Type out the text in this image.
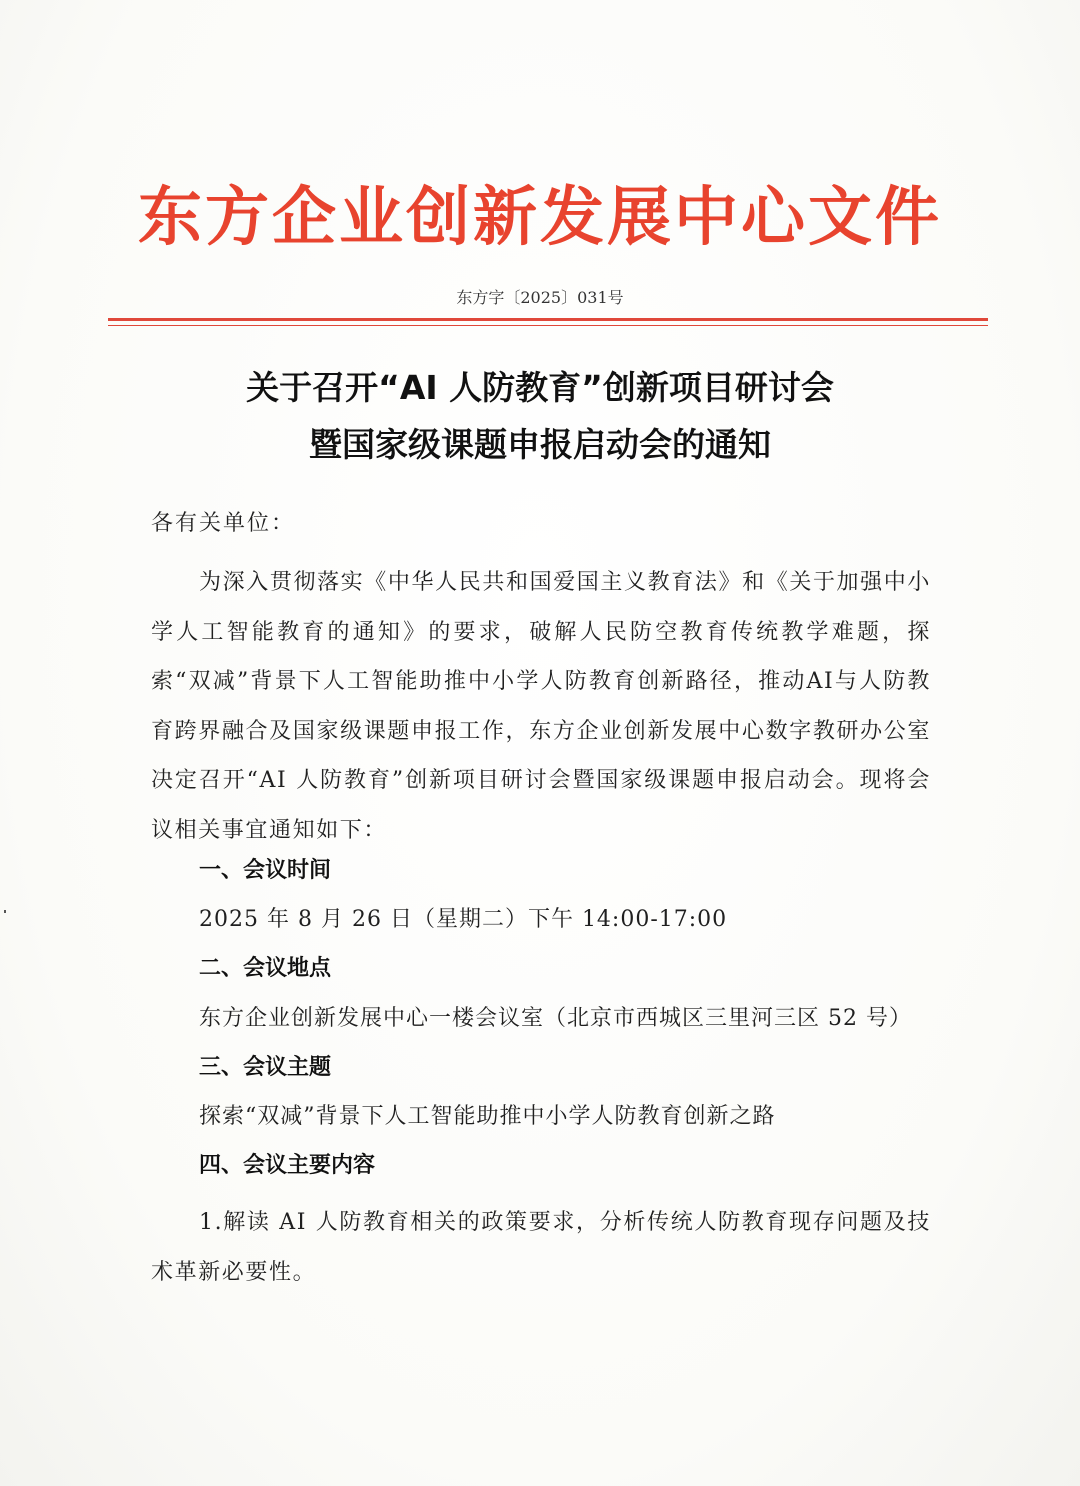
东方企业创新发展中心文件
东方字〔2025〕031号
关于召开“AI 人防教育”创新项目研讨会
暨国家级课题申报启动会的通知
各有关单位：
为深入贯彻落实《中华人民共和国爱国主义教育法》和《关于加强中小学人工智能教育的通知》的要求，破解人民防空教育传统教学难题，探索“双减”背景下人工智能助推中小学人防教育创新路径，推动AI与人防教育跨界融合及国家级课题申报工作，东方企业创新发展中心数字教研办公室决定召开“AI 人防教育”创新项目研讨会暨国家级课题申报启动会。现将会议相关事宜通知如下：
一、会议时间
2025 年 8 月 26 日（星期二）下午 14:00-17:00
二、会议地点
东方企业创新发展中心一楼会议室（北京市西城区三里河三区 52 号）
三、会议主题
探索“双减”背景下人工智能助推中小学人防教育创新之路
四、会议主要内容
1.解读 AI 人防教育相关的政策要求，分析传统人防教育现存问题及技术革新必要性。
